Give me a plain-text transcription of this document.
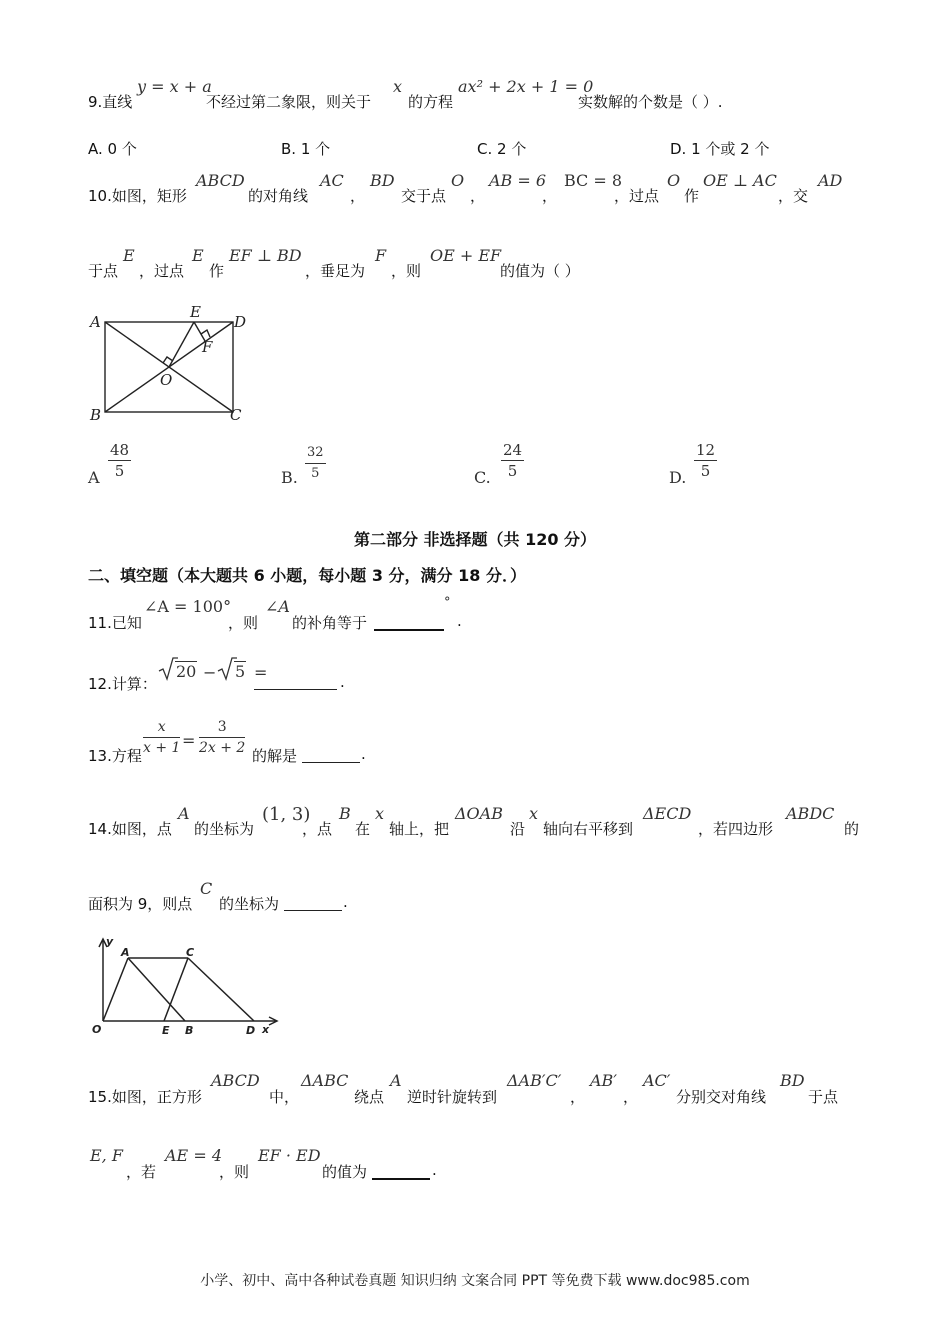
9.直线
y = x + a
不经过第二象限，则关于
x
的方程
ax² + 2x + 1 = 0
实数解的个数是（ ）.
A. 0 个	B. 1 个	C. 2 个	D. 1 个或 2 个
10.如图，矩形
ABCD
的对角线
AC
，
BD
交于点
O
，
AB = 6
，
BC = 8
，过点
O
作
OE ⊥ AC
，交
AD
于点
E
，过点
E
作
EF ⊥ BD
，垂足为
F
，则
OE + EF
的值为（ ）
A
B	C
D
E
F
O
A $\frac{48}{5}$	B. $\frac{32}{5}$	C. $\frac{24}{5}$	D. $\frac{12}{5}$
第二部分 非选择题（共 120 分）
二、填空题（本大题共 6 小题，每小题 3 分，满分 18 分．）
11.已知
∠A = 100°
，则
∠A
的补角等于
°
.
12.计算：
20 − 5 =	.
13.方程 $\frac{x}{x + 1} = \frac{3}{2x + 2}$ 的解是	.
14.如图，点
A
的坐标为
(1, 3)
，点
B
在
x
轴上，把
ΔOAB
沿
x
轴向右平移到
ΔECD
，若四边形
ABDC
的
面积为 9，则点
C
的坐标为	.
y
A	C
O	E B	D x
15.如图，正方形
ABCD
中，
ΔABC
绕点
A
逆时针旋转到
ΔAB′C′
，
AB′
，
AC′
分别交对角线
BD
于点
E, F
，若
AE = 4
，则
EF · ED
的值为	.
小学、初中、高中各种试卷真题 知识归纳 文案合同 PPT 等免费下载 www.doc985.com
